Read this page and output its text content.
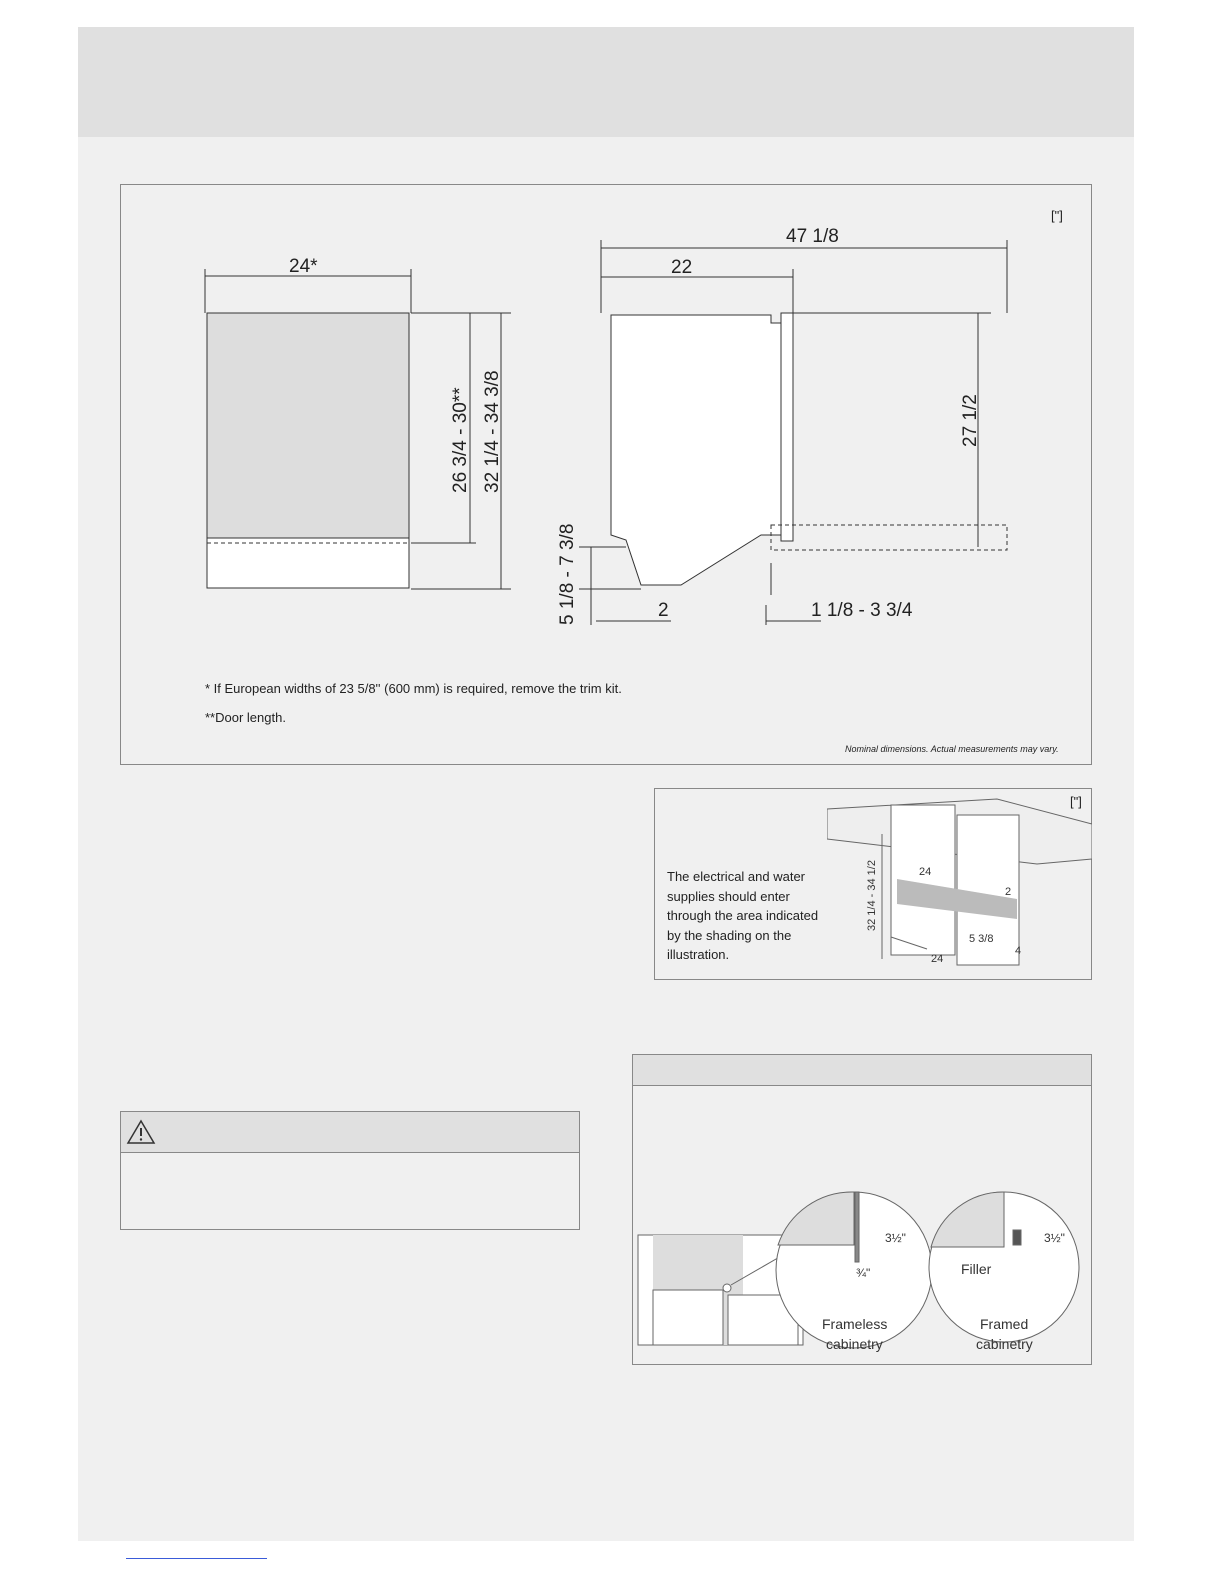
["]
24*
47 1/8
22
2	1 1/8 - 3 3/4
26 3/4 - 30** 32 1/4 - 34 3/8	27 1/2
5 1/8 - 7 3/8
* If European widths of 23 5/8'' (600 mm) is required, remove the trim kit.
**Door length.
Nominal dimensions. Actual measurements may vary.
["]
The electrical and water supplies should enter through the area indicated by the shading on the illustration.
24
2
5 3/8
4
24
32 1/4 - 34 1/2
3½"
¾"
3½"
Filler
Frameless
cabinetry
Framed
cabinetry
